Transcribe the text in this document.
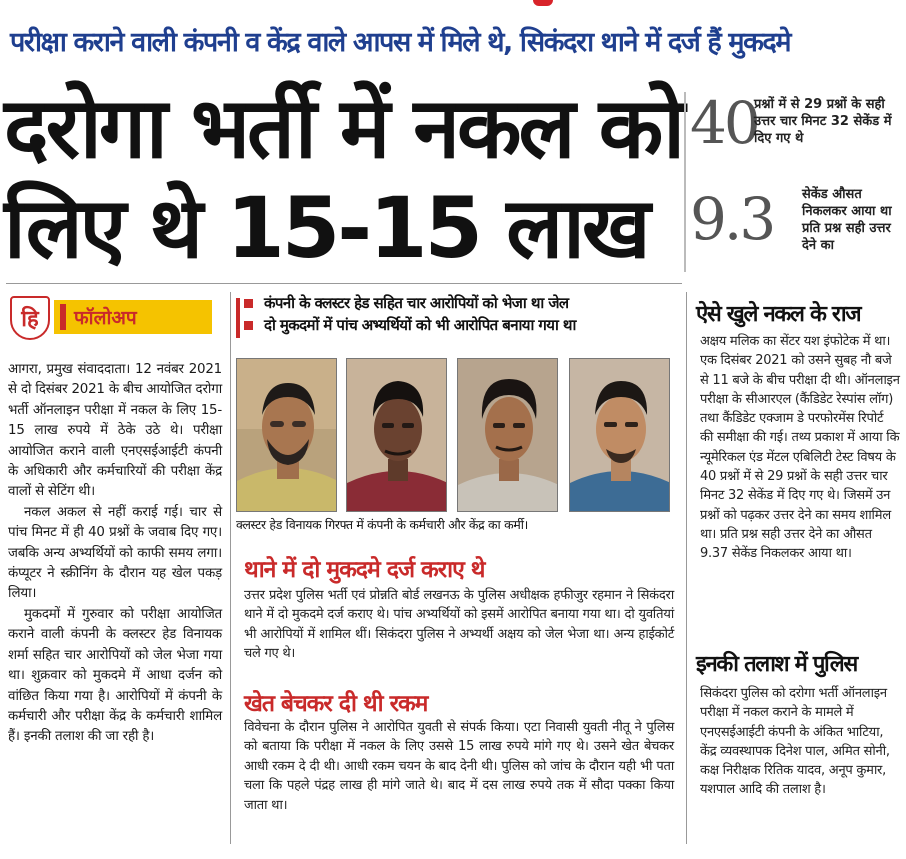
परीक्षा कराने वाली कंपनी व केंद्र वाले आपस में मिले थे, सिकंदरा थाने में दर्ज हैं मुकदमे
दरोगा भर्ती में नकल को
लिए थे 15-15 लाख
40
प्रश्नों में से 29 प्रश्नों के सही उत्तर चार मिनट 32 सेकेंड में दिए गए थे
9.3 सेकेंड औसत निकलकर आया था प्रति प्रश्न सही उत्तर देने का
हि	फॉलोअप
कंपनी के क्लस्टर हेड सहित चार आरोपियों को भेजा था जेल
दो मुकदमों में पांच अभ्यर्थियों को भी आरोपित बनाया गया था

आगरा, प्रमुख संवाददाता। 12 नवंबर 2021 से दो दिसंबर 2021 के बीच आयोजित दरोगा भर्ती ऑनलाइन परीक्षा में नकल के लिए 15-15 लाख रुपये में ठेके उठे थे। परीक्षा आयोजित कराने वाली एनएसईआईटी कंपनी के अधिकारी और कर्मचारियों की परीक्षा केंद्र वालों से सेटिंग थी।

नकल अकल से नहीं कराई गई। चार से पांच मिनट में ही 40 प्रश्नों के जवाब दिए गए। जबकि अन्य अभ्यर्थियों को काफी समय लगा। कंप्यूटर ने स्क्रीनिंग के दौरान यह खेल पकड़ लिया।

मुकदमों में गुरुवार को परीक्षा आयोजित कराने वाली कंपनी के क्लस्टर हेड विनायक शर्मा सहित चार आरोपियों को जेल भेजा गया था। शुक्रवार को मुकदमे में आधा दर्जन को वांछित किया गया है। आरोपियों में कंपनी के कर्मचारी और परीक्षा केंद्र के कर्मचारी शामिल हैं। इनकी तलाश की जा रही है।

क्लस्टर हेड विनायक गिरफ्त में कंपनी के कर्मचारी और केंद्र का कर्मी।
थाने में दो मुकदमे दर्ज कराए थे
उत्तर प्रदेश पुलिस भर्ती एवं प्रोन्नति बोर्ड लखनऊ के पुलिस अधीक्षक हफीजुर रहमान ने सिकंदरा थाने में दो मुकदमे दर्ज कराए थे। पांच अभ्यर्थियों को इसमें आरोपित बनाया गया था। दो युवतियां भी आरोपियों में शामिल थीं। सिकंदरा पुलिस ने अभ्यर्थी अक्षय को जेल भेजा था। अन्य हाईकोर्ट चले गए थे।
खेत बेचकर दी थी रकम
विवेचना के दौरान पुलिस ने आरोपित युवती से संपर्क किया। एटा निवासी युवती नीतू ने पुलिस को बताया कि परीक्षा में नकल के लिए उससे 15 लाख रुपये मांगे गए थे। उसने खेत बेचकर आधी रकम दे दी थी। आधी रकम चयन के बाद देनी थी। पुलिस को जांच के दौरान यही भी पता चला कि पहले पंद्रह लाख ही मांगे जाते थे। बाद में दस लाख रुपये तक में सौदा पक्का किया जाता था।
ऐसे खुले नकल के राज
अक्षय मलिक का सेंटर यश इंफोटेक में था। एक दिसंबर 2021 को उसने सुबह नौ बजे से 11 बजे के बीच परीक्षा दी थी। ऑनलाइन परीक्षा के सीआरएल (कैंडिडेट रेस्पांस लॉग) तथा कैंडिडेट एक्जाम डे परफोरमेंस रिपोर्ट की समीक्षा की गई। तथ्य प्रकाश में आया कि न्यूमेरिकल एंड मेंटल एबिलिटी टेस्ट विषय के 40 प्रश्नों में से 29 प्रश्नों के सही उत्तर चार मिनट 32 सेकेंड में दिए गए थे। जिसमें उन प्रश्नों को पढ़कर उत्तर देने का समय शामिल था। प्रति प्रश्न सही उत्तर देने का औसत 9.37 सेकेंड निकलकर आया था।
इनकी तलाश में पुलिस
सिकंदरा पुलिस को दरोगा भर्ती ऑनलाइन परीक्षा में नकल कराने के मामले में एनएसईआईटी कंपनी के अंकित भाटिया, केंद्र व्यवस्थापक दिनेश पाल, अमित सोनी, कक्ष निरीक्षक रितिक यादव, अनूप कुमार, यशपाल आदि की तलाश है।
